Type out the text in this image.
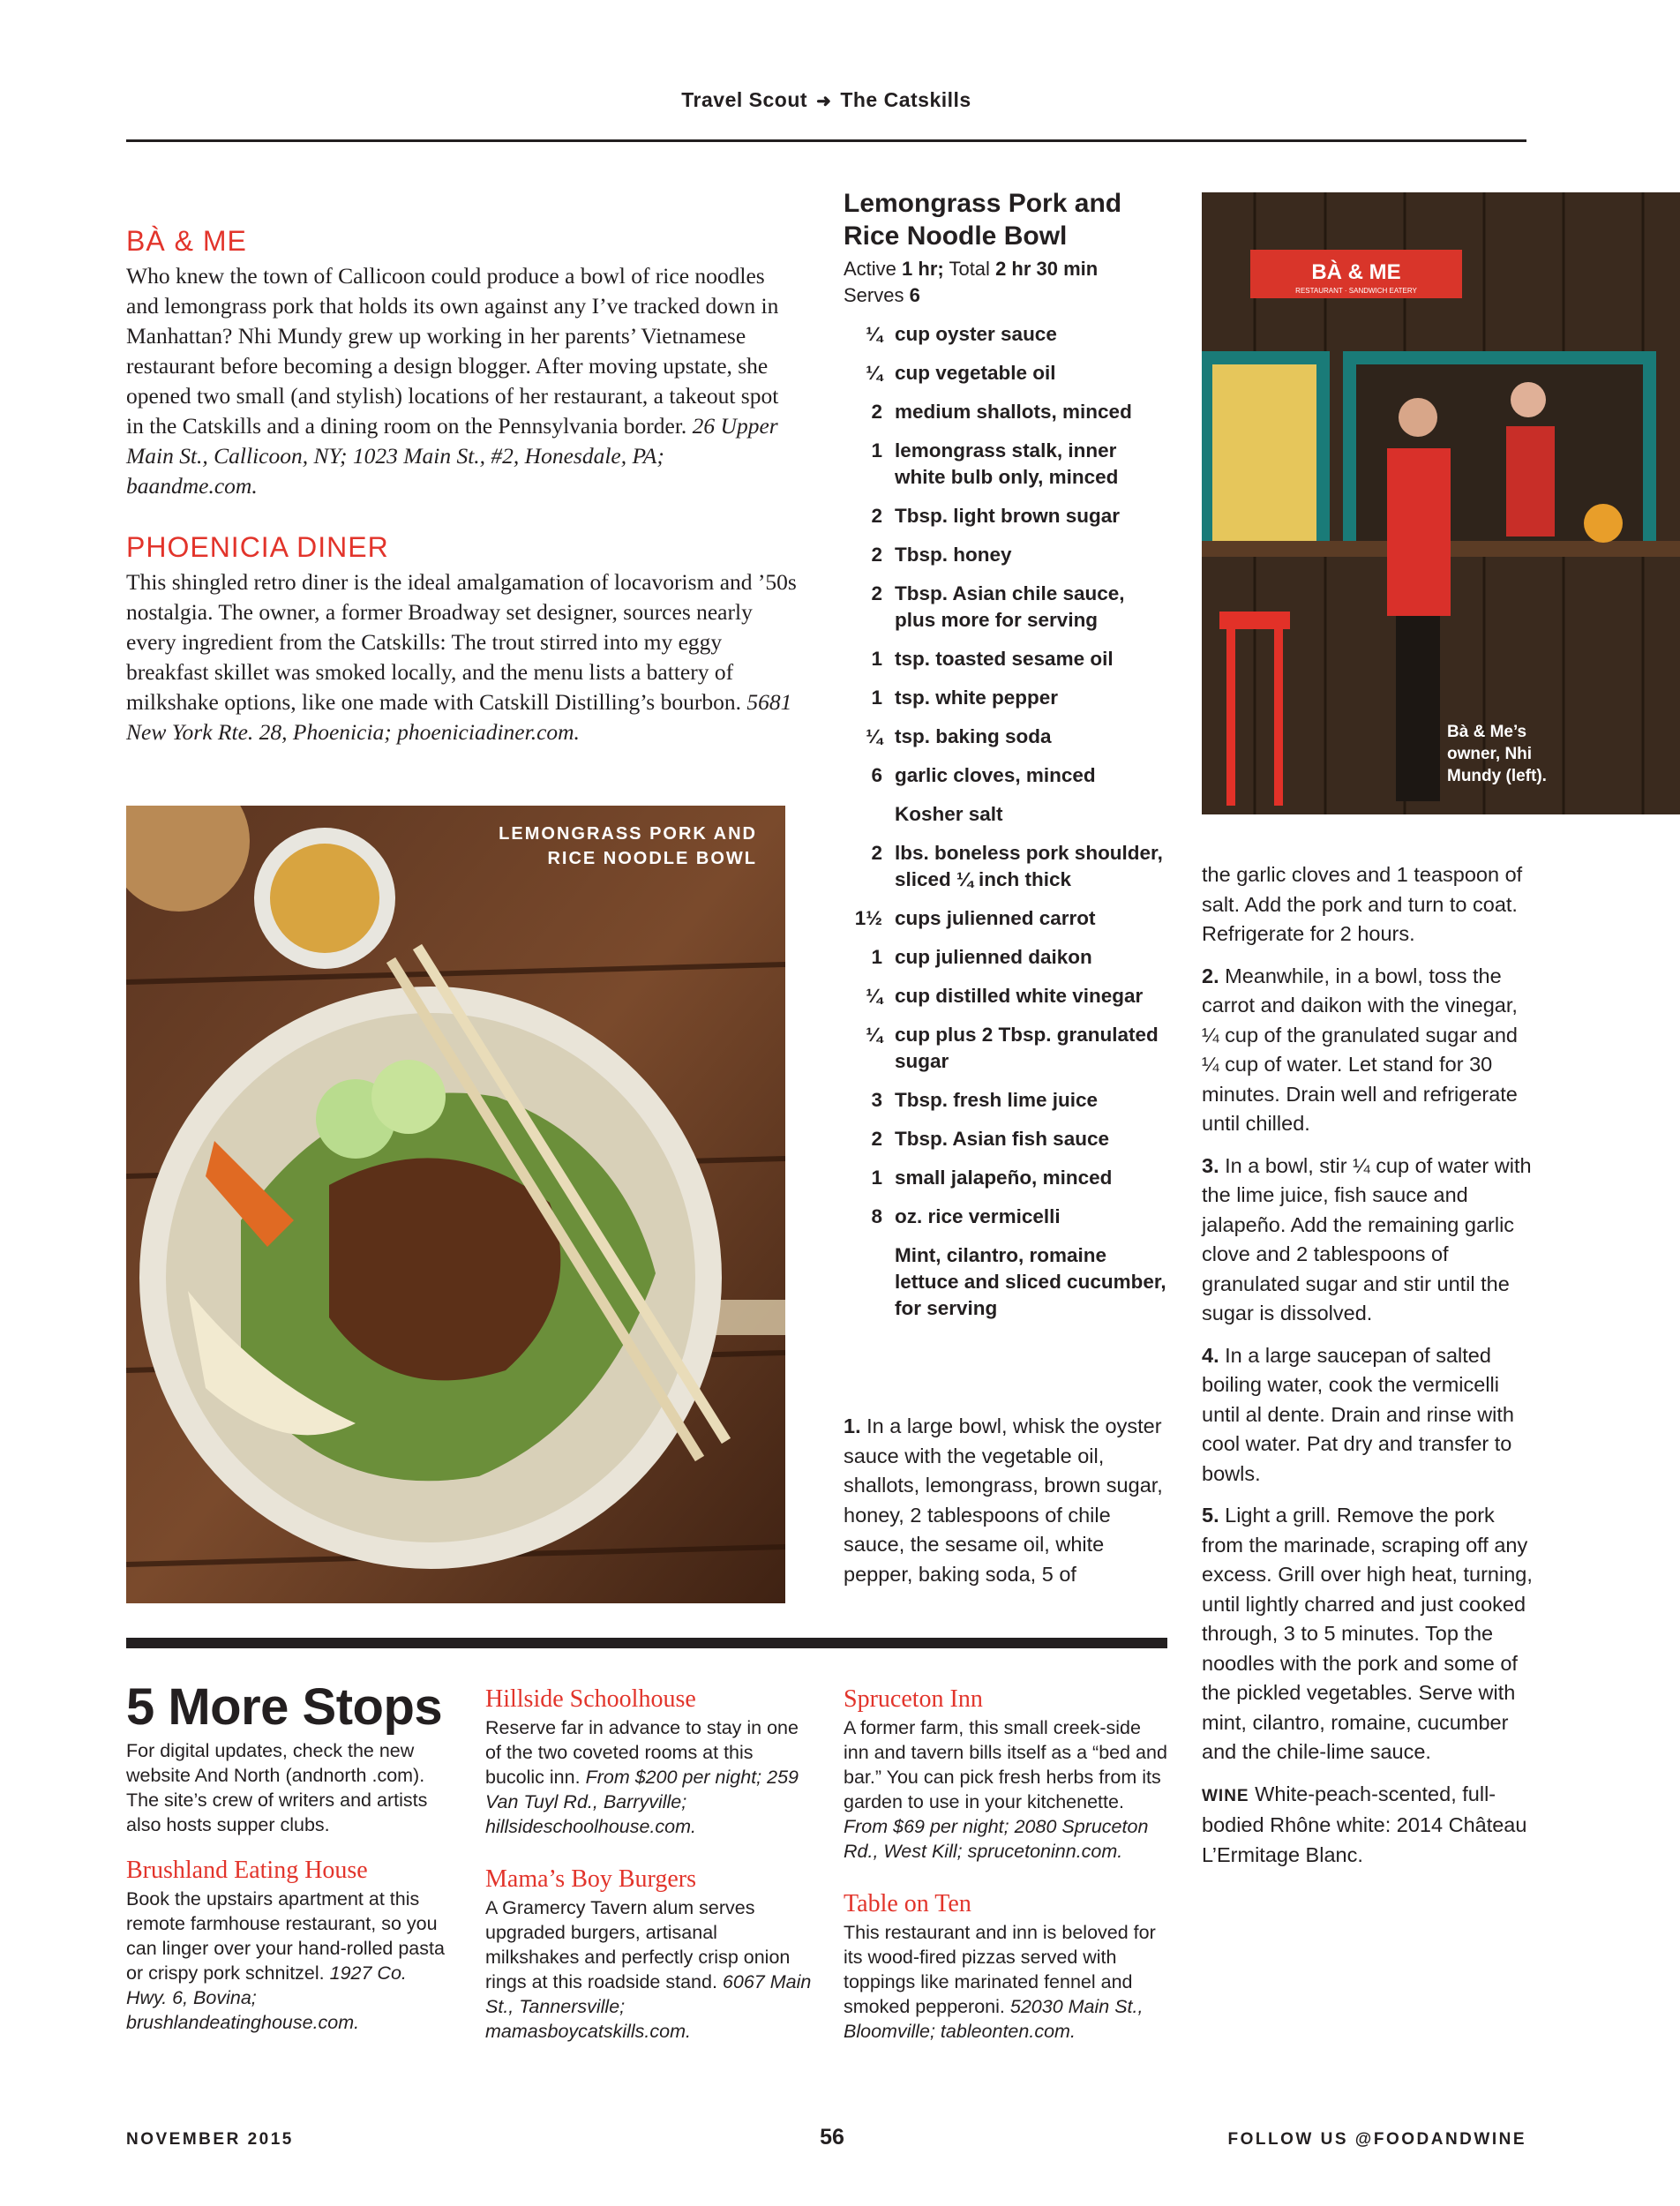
Travel Scout ➜ The Catskills
BÀ & ME

Who knew the town of Callicoon could produce a bowl of rice noodles and lemongrass pork that holds its own against any I’ve tracked down in Manhattan? Nhi Mundy grew up working in her parents’ Vietnamese restaurant before becoming a design blogger. After moving upstate, she opened two small (and stylish) locations of her restaurant, a takeout spot in the Catskills and a dining room on the Pennsylvania border. 26 Upper Main St., Callicoon, NY; 1023 Main St., #2, Honesdale, PA; baandme.com.

PHOENICIA DINER

This shingled retro diner is the ideal amalgamation of locavorism and ’50s nostalgia. The owner, a former Broadway set designer, sources nearly every ingredient from the Catskills: The trout stirred into my eggy breakfast skillet was smoked locally, and the menu lists a battery of milkshake options, like one made with Catskill Distilling’s bourbon. 5681 New York Rte. 28, Phoenicia; phoeniciadiner.com.

LEMONGRASS PORK AND
RICE NOODLE BOWL
BÀ & ME
RESTAURANT · SANDWICH EATERY
Bà & Me’s
owner, Nhi
Mundy (left).
Lemongrass Pork and
Rice Noodle Bowl
Active 1 hr; Total 2 hr 30 min
Serves 6
¼ cup oyster sauce
¼ cup vegetable oil
2 medium shallots, minced
1 lemongrass stalk, inner white bulb only, minced
2 Tbsp. light brown sugar
2 Tbsp. honey
2 Tbsp. Asian chile sauce, plus more for serving
1 tsp. toasted sesame oil
1 tsp. white pepper
¼ tsp. baking soda
6 garlic cloves, minced
Kosher salt
2 lbs. boneless pork shoulder, sliced ¼ inch thick
1½ cups julienned carrot
1 cup julienned daikon
¼ cup distilled white vinegar
¼ cup plus 2 Tbsp. granulated sugar
3 Tbsp. fresh lime juice
2 Tbsp. Asian fish sauce
1 small jalapeño, minced
8 oz. rice vermicelli
Mint, cilantro, romaine lettuce and sliced cucumber, for serving
1. In a large bowl, whisk the oyster sauce with the vegetable oil, shallots, lemongrass, brown sugar, honey, 2 tablespoons of chile sauce, the sesame oil, white pepper, baking soda, 5 of

the garlic cloves and 1 teaspoon of salt. Add the pork and turn to coat. Refrigerate for 2 hours.

2. Meanwhile, in a bowl, toss the carrot and daikon with the vinegar, ¼ cup of the granulated sugar and ¼ cup of water. Let stand for 30 minutes. Drain well and refrigerate until chilled.

3. In a bowl, stir ¼ cup of water with the lime juice, fish sauce and jalapeño. Add the remaining garlic clove and 2 tablespoons of granulated sugar and stir until the sugar is dissolved.

4. In a large saucepan of salted boiling water, cook the vermicelli until al dente. Drain and rinse with cool water. Pat dry and transfer to bowls.

5. Light a grill. Remove the pork from the marinade, scraping off any excess. Grill over high heat, turning, until lightly charred and just cooked through, 3 to 5 minutes. Top the noodles with the pork and some of the pickled vegetables. Serve with mint, cilantro, romaine, cucumber and the chile-lime sauce.

WINE White-peach-scented, full-bodied Rhône white: 2014 Château L’Ermitage Blanc.

5 More Stops

For digital updates, check the new website And North (andnorth .com). The site’s crew of writers and artists also hosts supper clubs.

Brushland Eating House

Book the upstairs apartment at this remote farmhouse restaurant, so you can linger over your hand-rolled pasta or crispy pork schnitzel. 1927 Co. Hwy. 6, Bovina; brushlandeatinghouse.com.

Hillside Schoolhouse

Reserve far in advance to stay in one of the two coveted rooms at this bucolic inn. From $200 per night; 259 Van Tuyl Rd., Barryville; hillsideschoolhouse.com.

Mama’s Boy Burgers

A Gramercy Tavern alum serves upgraded burgers, artisanal milkshakes and perfectly crisp onion rings at this roadside stand. 6067 Main St., Tannersville; mamasboycatskills.com.

Spruceton Inn

A former farm, this small creek-side inn and tavern bills itself as a “bed and bar.” You can pick fresh herbs from its garden to use in your kitchenette. From $69 per night; 2080 Spruceton Rd., West Kill; sprucetoninn.com.

Table on Ten

This restaurant and inn is beloved for its wood-fired pizzas served with toppings like marinated fennel and smoked pepperoni. 52030 Main St., Bloomville; tableonten.com.

NOVEMBER 2015	56	FOLLOW US @FOODANDWINE
